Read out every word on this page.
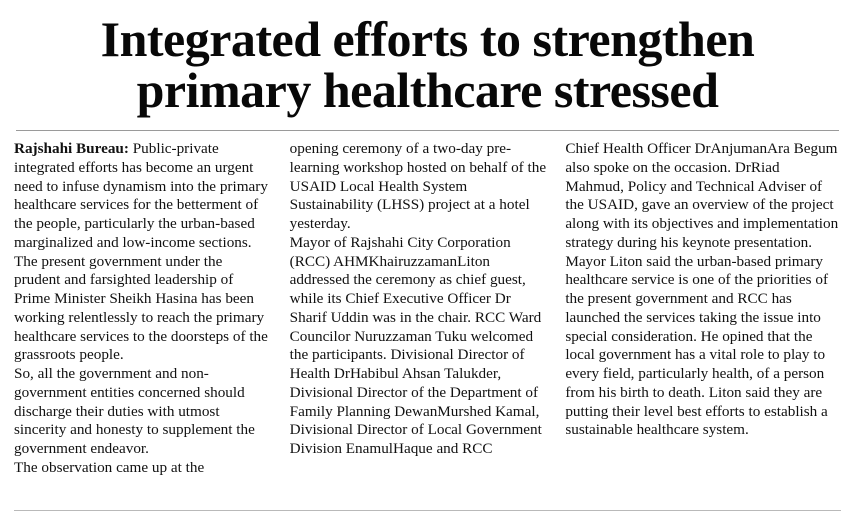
Integrated efforts to strengthen
primary healthcare stressed

Rajshahi Bureau: Public-private integrated efforts has become an urgent need to infuse dynamism into the primary healthcare services for the betterment of the people, particularly the urban-based marginalized and low-income sections.

The present government under the prudent and farsighted leadership of Prime Minister Sheikh Hasina has been working relentlessly to reach the primary healthcare services to the doorsteps of the grassroots people.

So, all the government and non-government entities concerned should discharge their duties with utmost sincerity and honesty to supplement the government endeavor.

The observation came up at the

opening ceremony of a two-day pre-learning workshop hosted on behalf of the USAID Local Health System Sustainability (LHSS) project at a hotel yesterday.

Mayor of Rajshahi City Corporation (RCC) AHMKhairuzzamanLiton addressed the ceremony as chief guest, while its Chief Executive Officer Dr Sharif Uddin was in the chair. RCC Ward Councilor Nuruzzaman Tuku welcomed the participants. Divisional Director of Health DrHabibul Ahsan Talukder, Divisional Director of the Department of Family Planning DewanMurshed Kamal, Divisional Director of Local Government Division EnamulHaque and RCC

Chief Health Officer DrAnjumanAra Begum also spoke on the occasion. DrRiad Mahmud, Policy and Technical Adviser of the USAID, gave an overview of the project along with its objectives and implementation strategy during his keynote presentation. Mayor Liton said the urban-based primary healthcare service is one of the priorities of the present government and RCC has launched the services taking the issue into special consideration. He opined that the local government has a vital role to play to every field, particularly health, of a person from his birth to death. Liton said they are putting their level best efforts to establish a sustainable healthcare system.
